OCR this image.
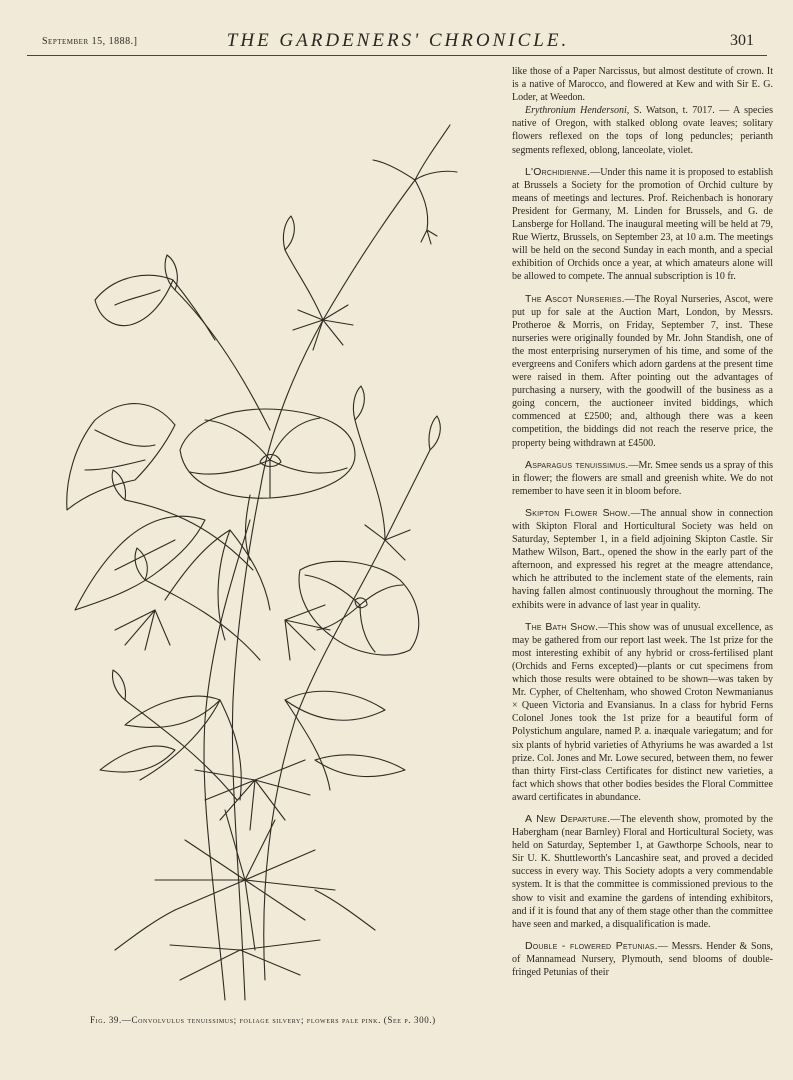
September 15, 1888.]	THE GARDENERS' CHRONICLE.	301
Fig. 39.—Convolvulus tenuissimus; foliage silvery; flowers pale pink. (See p. 300.)

like those of a Paper Narcissus, but almost destitute of crown. It is a native of Marocco, and flowered at Kew and with Sir E. G. Loder, at Weedon.

Erythronium Hendersoni, S. Watson, t. 7017. — A species native of Oregon, with stalked oblong ovate leaves; solitary flowers reflexed on the tops of long peduncles; perianth segments reflexed, oblong, lanceolate, violet.

L'Orchidienne.—Under this name it is proposed to establish at Brussels a Society for the promotion of Orchid culture by means of meetings and lectures. Prof. Reichenbach is honorary President for Germany, M. Linden for Brussels, and G. de Lansberge for Holland. The inaugural meeting will be held at 79, Rue Wiertz, Brussels, on September 23, at 10 a.m. The meetings will be held on the second Sunday in each month, and a special exhibition of Orchids once a year, at which amateurs alone will be allowed to compete. The annual subscription is 10 fr.

The Ascot Nurseries.—The Royal Nurseries, Ascot, were put up for sale at the Auction Mart, London, by Messrs. Protheroe & Morris, on Friday, September 7, inst. These nurseries were originally founded by Mr. John Standish, one of the most enterprising nurserymen of his time, and some of the evergreens and Conifers which adorn gardens at the present time were raised in them. After pointing out the advantages of purchasing a nursery, with the goodwill of the business as a going concern, the auctioneer invited biddings, which commenced at £2500; and, although there was a keen competition, the biddings did not reach the reserve price, the property being withdrawn at £4500.

Asparagus tenuissimus.—Mr. Smee sends us a spray of this in flower; the flowers are small and greenish white. We do not remember to have seen it in bloom before.

Skipton Flower Show.—The annual show in connection with Skipton Floral and Horticultural Society was held on Saturday, September 1, in a field adjoining Skipton Castle. Sir Mathew Wilson, Bart., opened the show in the early part of the afternoon, and expressed his regret at the meagre attendance, which he attributed to the inclement state of the elements, rain having fallen almost continuously throughout the morning. The exhibits were in advance of last year in quality.

The Bath Show.—This show was of unusual excellence, as may be gathered from our report last week. The 1st prize for the most interesting exhibit of any hybrid or cross-fertilised plant (Orchids and Ferns excepted)—plants or cut specimens from which those results were obtained to be shown—was taken by Mr. Cypher, of Cheltenham, who showed Croton Newmanianus × Queen Victoria and Evansianus. In a class for hybrid Ferns Colonel Jones took the 1st prize for a beautiful form of Polystichum angulare, named P. a. inæquale variegatum; and for six plants of hybrid varieties of Athyriums he was awarded a 1st prize. Col. Jones and Mr. Lowe secured, between them, no fewer than thirty First-class Certificates for distinct new varieties, a fact which shows that other bodies besides the Floral Committee award certificates in abundance.

A New Departure.—The eleventh show, promoted by the Habergham (near Barnley) Floral and Horticultural Society, was held on Saturday, September 1, at Gawthorpe Schools, near to Sir U. K. Shuttleworth's Lancashire seat, and proved a decided success in every way. This Society adopts a very commendable system. It is that the committee is commissioned previous to the show to visit and examine the gardens of intending exhibitors, and if it is found that any of them stage other than the committee have seen and marked, a disqualification is made.

Double - flowered Petunias.— Messrs. Hender & Sons, of Mannamead Nursery, Plymouth, send blooms of double-fringed Petunias of their
